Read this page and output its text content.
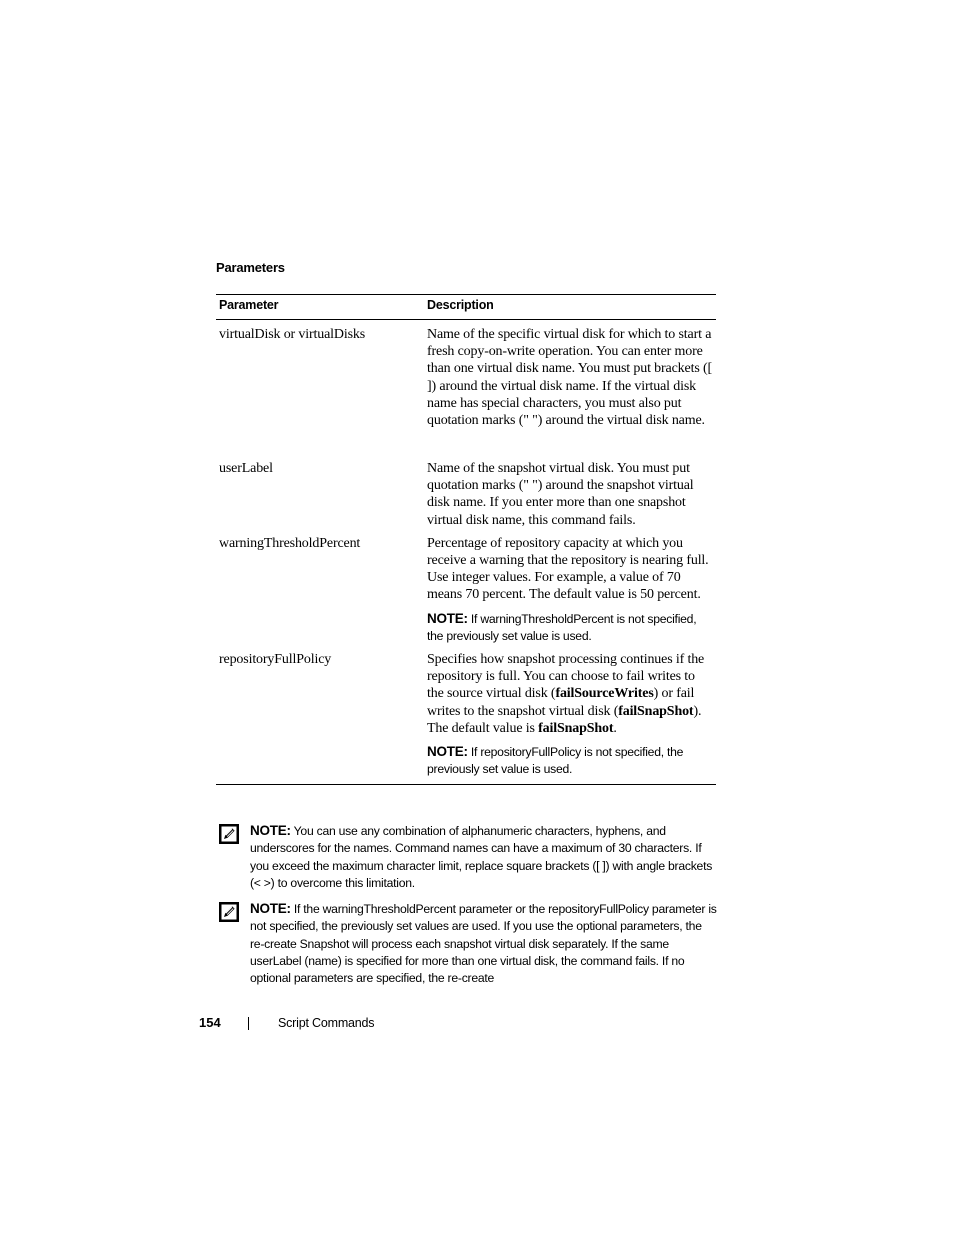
Parameters
Parameter	Description
virtualDisk or virtualDisks	Name of the specific virtual disk for which to start a fresh copy-on-write operation. You can enter more than one virtual disk name. You must put brackets ([ ]) around the virtual disk name. If the virtual disk name has special characters, you must also put quotation marks (" ") around the virtual disk name.

userLabel	Name of the snapshot virtual disk. You must put quotation marks (" ") around the snapshot virtual disk name. If you enter more than one snapshot virtual disk name, this command fails.

warningThresholdPercent	Percentage of repository capacity at which you receive a warning that the repository is nearing full. Use integer values. For example, a value of 70 means 70 percent. The default value is 50 percent.
NOTE: If warningThresholdPercent is not specified, the previously set value is used.

repositoryFullPolicy	Specifies how snapshot processing continues if the repository is full. You can choose to fail writes to the source virtual disk (failSourceWrites) or fail writes to the snapshot virtual disk (failSnapShot). The default value is failSnapShot.
NOTE: If repositoryFullPolicy is not specified, the previously set value is used.
NOTE: You can use any combination of alphanumeric characters, hyphens, and underscores for the names. Command names can have a maximum of 30 characters. If you exceed the maximum character limit, replace square brackets ([ ]) with angle brackets (< >) to overcome this limitation.
NOTE: If the warningThresholdPercent parameter or the repositoryFullPolicy parameter is not specified, the previously set values are used. If you use the optional parameters, the re-create Snapshot will process each snapshot virtual disk separately. If the same userLabel (name) is specified for more than one virtual disk, the command fails. If no optional parameters are specified, the re-create
154	Script Commands
